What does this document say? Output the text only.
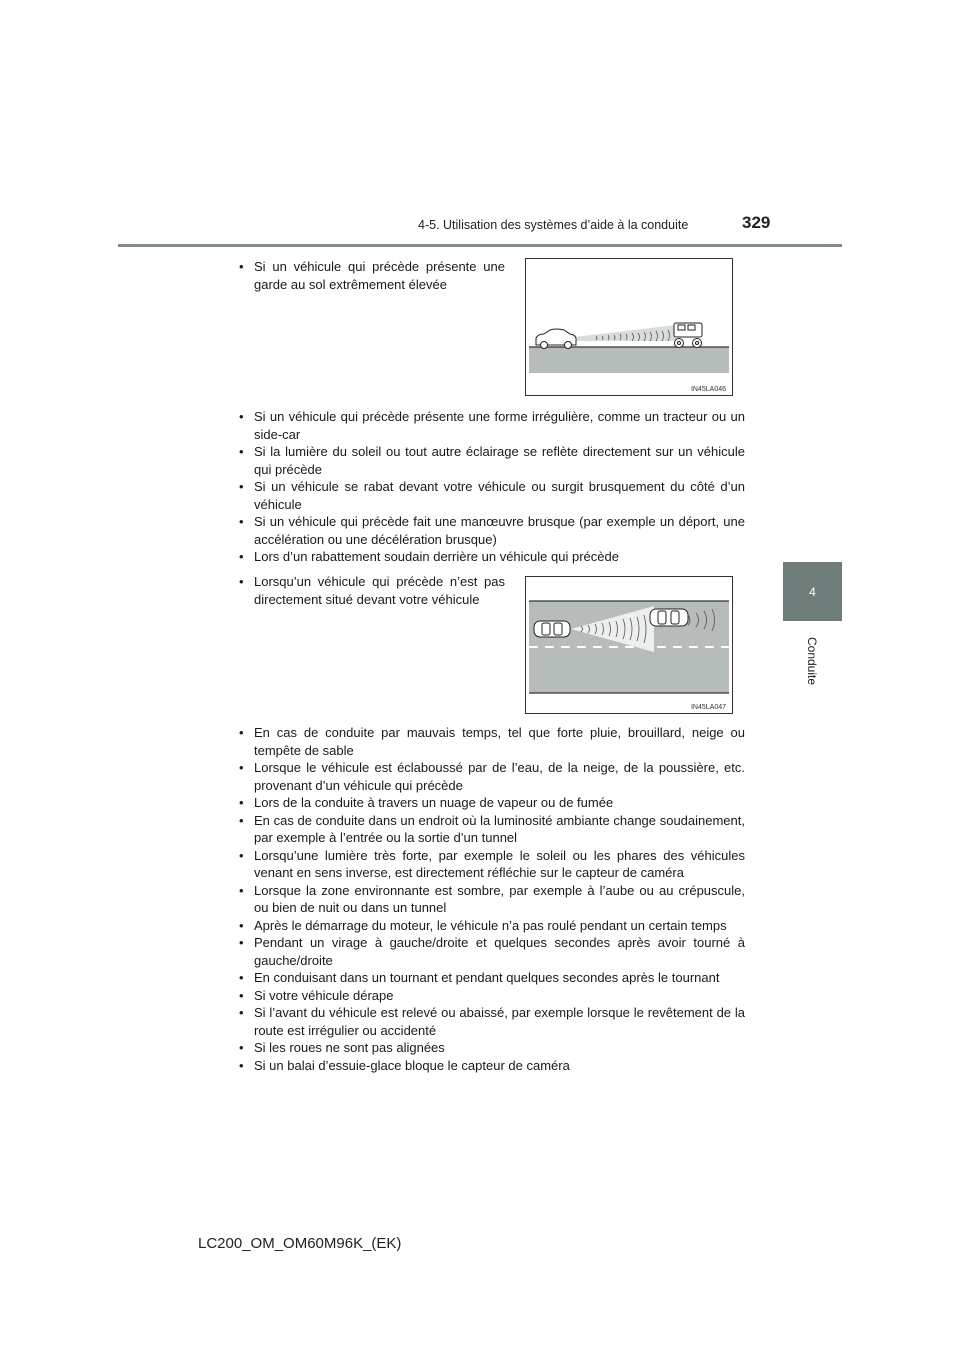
4-5. Utilisation des systèmes d’aide à la conduite	329
4
Conduite
• Si un véhicule qui précède présente une garde au sol extrêmement élevée
IN45LA046
• Si un véhicule qui précède présente une forme irrégulière, comme un tracteur ou un side-car
• Si la lumière du soleil ou tout autre éclairage se reflète directement sur un véhicule qui précède
• Si un véhicule se rabat devant votre véhicule ou surgit brusquement du côté d’un véhicule
• Si un véhicule qui précède fait une manœuvre brusque (par exemple un déport, une accélération ou une décélération brusque)
• Lors d’un rabattement soudain derrière un véhicule qui précède
• Lorsqu’un véhicule qui précède n’est pas directement situé devant votre véhicule
IN45LA047
• En cas de conduite par mauvais temps, tel que forte pluie, brouillard, neige ou tempête de sable
• Lorsque le véhicule est éclaboussé par de l’eau, de la neige, de la poussière, etc. provenant d’un véhicule qui précède
• Lors de la conduite à travers un nuage de vapeur ou de fumée
• En cas de conduite dans un endroit où la luminosité ambiante change soudainement, par exemple à l’entrée ou la sortie d’un tunnel
• Lorsqu’une lumière très forte, par exemple le soleil ou les phares des véhicules venant en sens inverse, est directement réfléchie sur le capteur de caméra
• Lorsque la zone environnante est sombre, par exemple à l’aube ou au crépuscule, ou bien de nuit ou dans un tunnel
• Après le démarrage du moteur, le véhicule n’a pas roulé pendant un certain temps
• Pendant un virage à gauche/droite et quelques secondes après avoir tourné à gauche/droite
• En conduisant dans un tournant et pendant quelques secondes après le tournant
• Si votre véhicule dérape
• Si l’avant du véhicule est relevé ou abaissé, par exemple lorsque le revêtement de la route est irrégulier ou accidenté
• Si les roues ne sont pas alignées
• Si un balai d’essuie-glace bloque le capteur de caméra
LC200_OM_OM60M96K_(EK)
